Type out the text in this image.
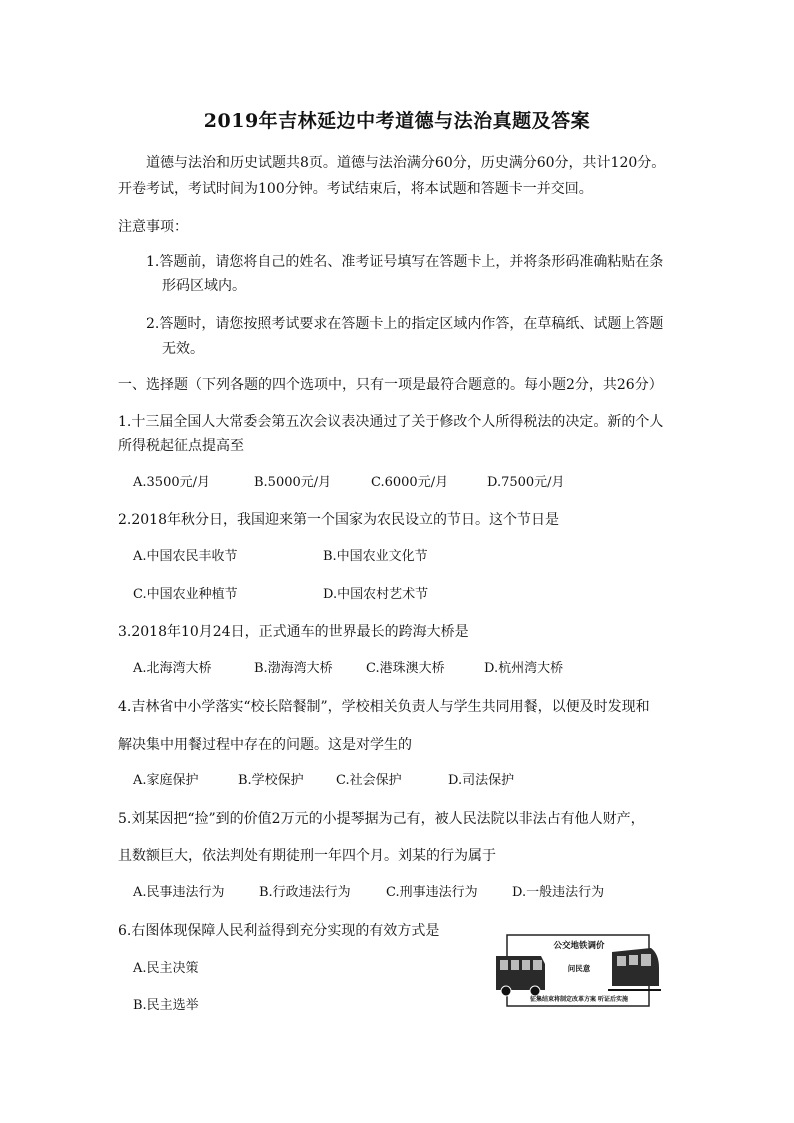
2019年吉林延边中考道德与法治真题及答案
道德与法治和历史试题共8页。道德与法治满分60分，历史满分60分，共计120分。
开卷考试，考试时间为100分钟。考试结束后，将本试题和答题卡一并交回。
注意事项：
1.答题前，请您将自己的姓名、准考证号填写在答题卡上，并将条形码准确粘贴在条
形码区域内。
2.答题时，请您按照考试要求在答题卡上的指定区域内作答，在草稿纸、试题上答题
无效。
一、选择题（下列各题的四个选项中，只有一项是最符合题意的。每小题2分，共26分）
1.十三届全国人大常委会第五次会议表决通过了关于修改个人所得税法的决定。新的个人
所得税起征点提高至
A.3500元/月	B.5000元/月	C.6000元/月	D.7500元/月
2.2018年秋分日，我国迎来第一个国家为农民设立的节日。这个节日是
A.中国农民丰收节	B.中国农业文化节
C.中国农业种植节	D.中国农村艺术节
3.2018年10月24日，正式通车的世界最长的跨海大桥是
A.北海湾大桥	B.渤海湾大桥	C.港珠澳大桥	D.杭州湾大桥
4.吉林省中小学落实“校长陪餐制”，学校相关负责人与学生共同用餐，以便及时发现和
解决集中用餐过程中存在的问题。这是对学生的
A.家庭保护	B.学校保护 C.社会保护	D.司法保护
5.刘某因把“捡”到的价值2万元的小提琴据为己有，被人民法院以非法占有他人财产，
且数额巨大，依法判处有期徒刑一年四个月。刘某的行为属于
A.民事违法行为	B.行政违法行为	C.刑事违法行为	D.一般违法行为
6.右图体现保障人民利益得到充分实现的有效方式是
A.民主决策
B.民主选举
公交地铁调价
问民意
征集结束将制定改革方案 听证后实施
